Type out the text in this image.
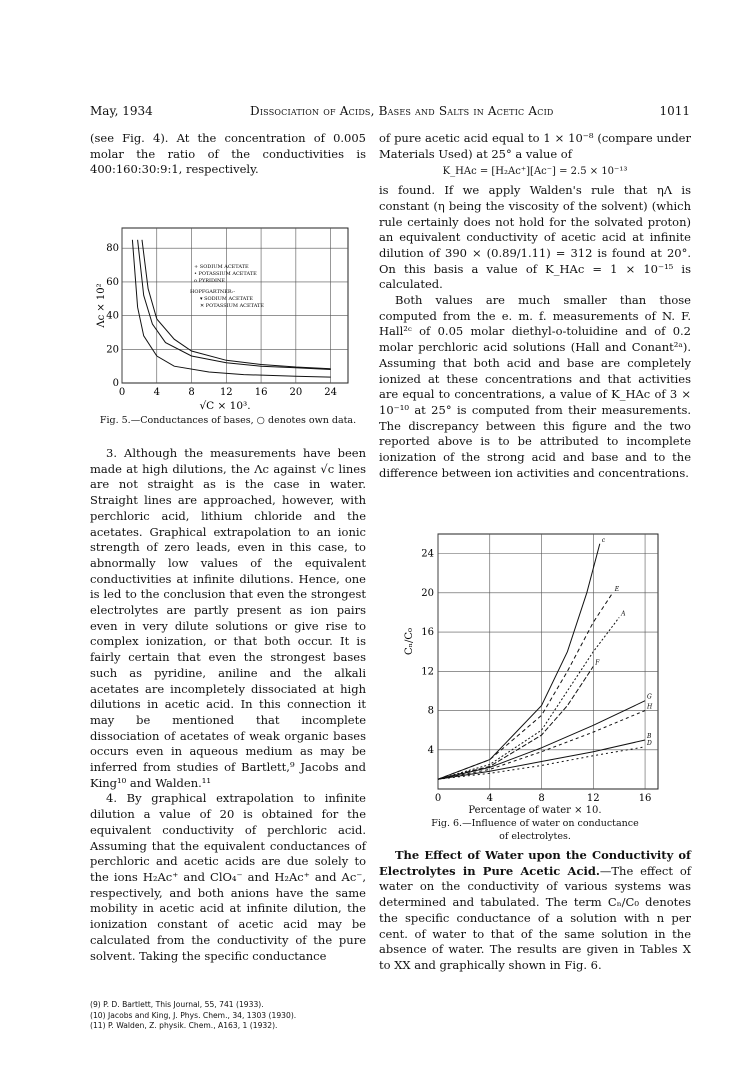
May, 1934	Dissociation of Acids, Bases and Salts in Acetic Acid	1011

(see Fig. 4). At the concentration of 0.005 molar the ratio of the conductivities is 400:160:30:9:1, respectively.

0	4	8	12 16 20 24
20
40
60
80
0
Λc × 10²
√C × 10³.
+ SODIUM ACETATE
• POTASSIUM ACETATE
o PYRIDINE
HOPFGARTNER:-
▾ SODIUM ACETATE
✕ POTASSIUM ACETATE
Fig. 5.—Conductances of bases, ○ denotes own data.

3. Although the measurements have been made at high dilutions, the Λc against √c lines are not straight as is the case in water. Straight lines are approached, however, with perchloric acid, lithium chloride and the acetates. Graphical extrapolation to an ionic strength of zero leads, even in this case, to abnormally low values of the equivalent conductivities at infinite dilutions. Hence, one is led to the conclusion that even the strongest electrolytes are partly present as ion pairs even in very dilute solutions or give rise to complex ionization, or that both occur. It is fairly certain that even the strongest bases such as pyridine, aniline and the alkali acetates are incompletely dissociated at high dilutions in acetic acid. In this connection it may be mentioned that incomplete dissociation of acetates of weak organic bases occurs even in aqueous medium as may be inferred from studies of Bartlett,⁹ Jacobs and King¹⁰ and Walden.¹¹

4. By graphical extrapolation to infinite dilution a value of 20 is obtained for the equivalent conductivity of perchloric acid. Assuming that the equivalent conductances of perchloric and acetic acids are due solely to the ions H₂Ac⁺ and ClO₄⁻ and H₂Ac⁺ and Ac⁻, respectively, and both anions have the same mobility in acetic acid at infinite dilution, the ionization constant of acetic acid may be calculated from the conductivity of the pure solvent. Taking the specific conductance

(9) P. D. Bartlett, This Journal, 55, 741 (1933).
(10) Jacobs and King, J. Phys. Chem., 34, 1303 (1930).
(11) P. Walden, Z. physik. Chem., A163, 1 (1932).

of pure acetic acid equal to 1 × 10⁻⁸ (compare under Materials Used) at 25° a value of

K_HAc = [H₂Ac⁺][Ac⁻] = 2.5 × 10⁻¹³

is found. If we apply Walden's rule that ηΛ is constant (η being the viscosity of the solvent) (which rule certainly does not hold for the solvated proton) an equivalent conductivity of acetic acid at infinite dilution of 390 × (0.89/1.11) = 312 is found at 20°. On this basis a value of K_HAc = 1 × 10⁻¹⁵ is calculated.

Both values are much smaller than those computed from the e. m. f. measurements of N. F. Hall²ᶜ of 0.05 molar diethyl-o-toluidine and of 0.2 molar perchloric acid solutions (Hall and Conant²ᵃ). Assuming that both acid and base are completely ionized at these concentrations and that activities are equal to concentrations, a value of K_HAc of 3 × 10⁻¹⁰ at 25° is computed from their measurements. The discrepancy between this figure and the two reported above is to be attributed to incomplete ionization of the strong acid and base and to the difference between ion activities and concentrations.

0	4	8	12	16
4
8
12
16
20
24
Cₙ/C₀
c
E
A
F
G
H
B
D
Percentage of water × 10.
Fig. 6.—Influence of water on conductance
of electrolytes.

The Effect of Water upon the Conductivity of Electrolytes in Pure Acetic Acid.—The effect of water on the conductivity of various systems was determined and tabulated. The term Cₙ/C₀ denotes the specific conductance of a solution with n per cent. of water to that of the same solution in the absence of water. The results are given in Tables X to XX and graphically shown in Fig. 6.
